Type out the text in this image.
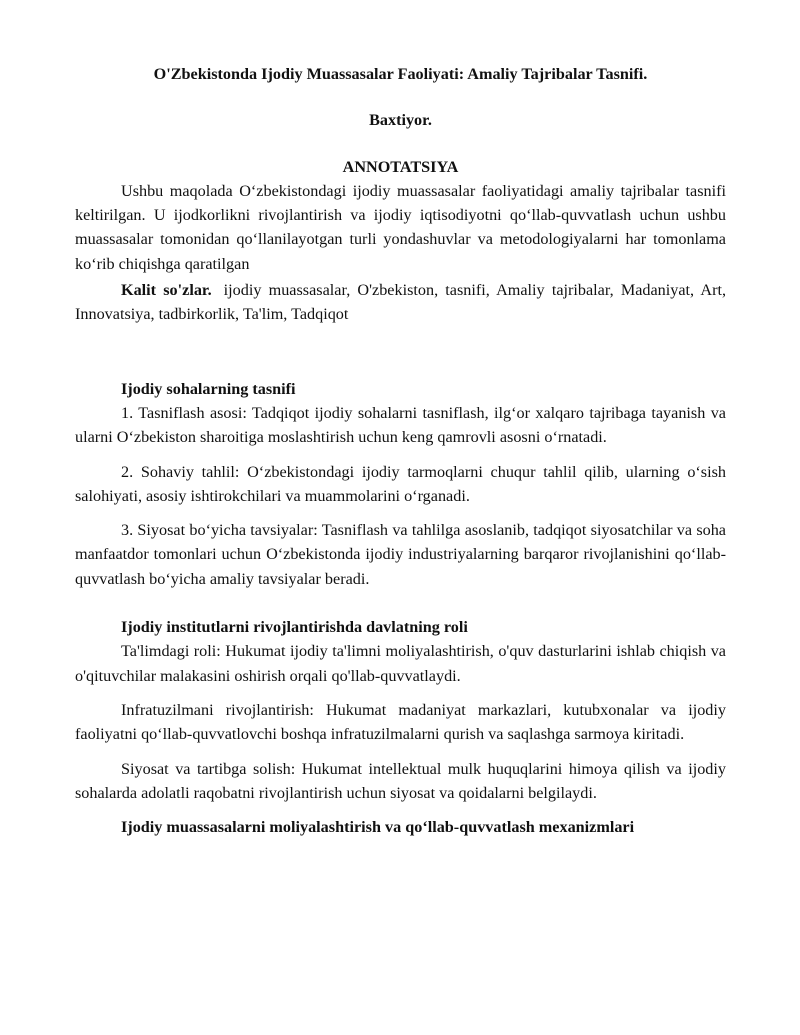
O'Zbekistonda Ijodiy Muassasalar Faoliyati: Amaliy Tajribalar Tasnifi.

Baxtiyor.

ANNOTATSIYA

Ushbu maqolada O‘zbekistondagi ijodiy muassasalar faoliyatidagi amaliy tajribalar tasnifi keltirilgan. U ijodkorlikni rivojlantirish va ijodiy iqtisodiyotni qo‘llab-quvvatlash uchun ushbu muassasalar tomonidan qo‘llanilayotgan turli yondashuvlar va metodologiyalarni har tomonlama ko‘rib chiqishga qaratilgan

Kalit so'zlar. ijodiy muassasalar, O'zbekiston, tasnifi, Amaliy tajribalar, Madaniyat, Art, Innovatsiya, tadbirkorlik, Ta'lim, Tadqiqot

Ijodiy sohalarning tasnifi

1. Tasniflash asosi: Tadqiqot ijodiy sohalarni tasniflash, ilg‘or xalqaro tajribaga tayanish va ularni O‘zbekiston sharoitiga moslashtirish uchun keng qamrovli asosni o‘rnatadi.

2. Sohaviy tahlil: O‘zbekistondagi ijodiy tarmoqlarni chuqur tahlil qilib, ularning o‘sish salohiyati, asosiy ishtirokchilari va muammolarini o‘rganadi.

3. Siyosat bo‘yicha tavsiyalar: Tasniflash va tahlilga asoslanib, tadqiqot siyosatchilar va soha manfaatdor tomonlari uchun O‘zbekistonda ijodiy industriyalarning barqaror rivojlanishini qo‘llab-quvvatlash bo‘yicha amaliy tavsiyalar beradi.

Ijodiy institutlarni rivojlantirishda davlatning roli

Ta'limdagi roli: Hukumat ijodiy ta'limni moliyalashtirish, o'quv dasturlarini ishlab chiqish va o'qituvchilar malakasini oshirish orqali qo'llab-quvvatlaydi.

Infratuzilmani rivojlantirish: Hukumat madaniyat markazlari, kutubxonalar va ijodiy faoliyatni qo‘llab-quvvatlovchi boshqa infratuzilmalarni qurish va saqlashga sarmoya kiritadi.

Siyosat va tartibga solish: Hukumat intellektual mulk huquqlarini himoya qilish va ijodiy sohalarda adolatli raqobatni rivojlantirish uchun siyosat va qoidalarni belgilaydi.

Ijodiy muassasalarni moliyalashtirish va qo‘llab-quvvatlash mexanizmlari
